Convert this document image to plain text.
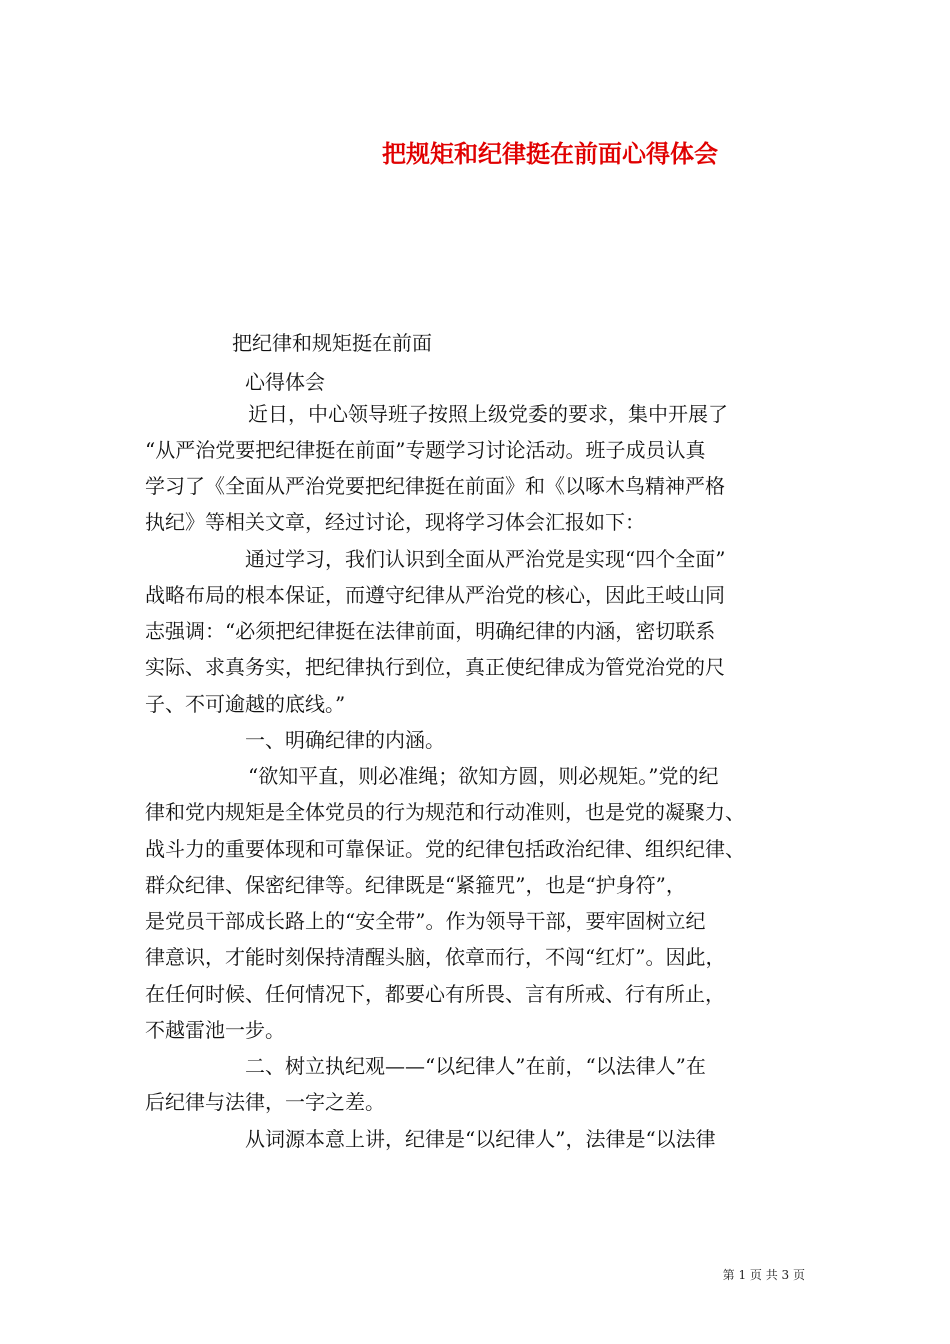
把规矩和纪律挺在前面心得体会
把纪律和规矩挺在前面
心得体会
近日，中心领导班子按照上级党委的要求，集中开展了
“从严治党要把纪律挺在前面”专题学习讨论活动。班子成员认真
学习了《全面从严治党要把纪律挺在前面》和《以啄木鸟精神严格
执纪》等相关文章，经过讨论，现将学习体会汇报如下：
通过学习，我们认识到全面从严治党是实现“四个全面”
战略布局的根本保证，而遵守纪律从严治党的核心，因此王岐山同
志强调：“必须把纪律挺在法律前面，明确纪律的内涵，密切联系
实际、求真务实，把纪律执行到位，真正使纪律成为管党治党的尺
子、不可逾越的底线。”
一、明确纪律的内涵。
“欲知平直，则必准绳；欲知方圆，则必规矩。”党的纪
律和党内规矩是全体党员的行为规范和行动准则，也是党的凝聚力、
战斗力的重要体现和可靠保证。党的纪律包括政治纪律、组织纪律、
群众纪律、保密纪律等。纪律既是“紧箍咒”，也是“护身符”，
是党员干部成长路上的“安全带”。作为领导干部，要牢固树立纪
律意识，才能时刻保持清醒头脑，依章而行，不闯“红灯”。因此，
在任何时候、任何情况下，都要心有所畏、言有所戒、行有所止，
不越雷池一步。
二、树立执纪观——“以纪律人”在前，“以法律人”在
后纪律与法律，一字之差。
从词源本意上讲，纪律是“以纪律人”，法律是“以法律
第 1 页 共 3 页
